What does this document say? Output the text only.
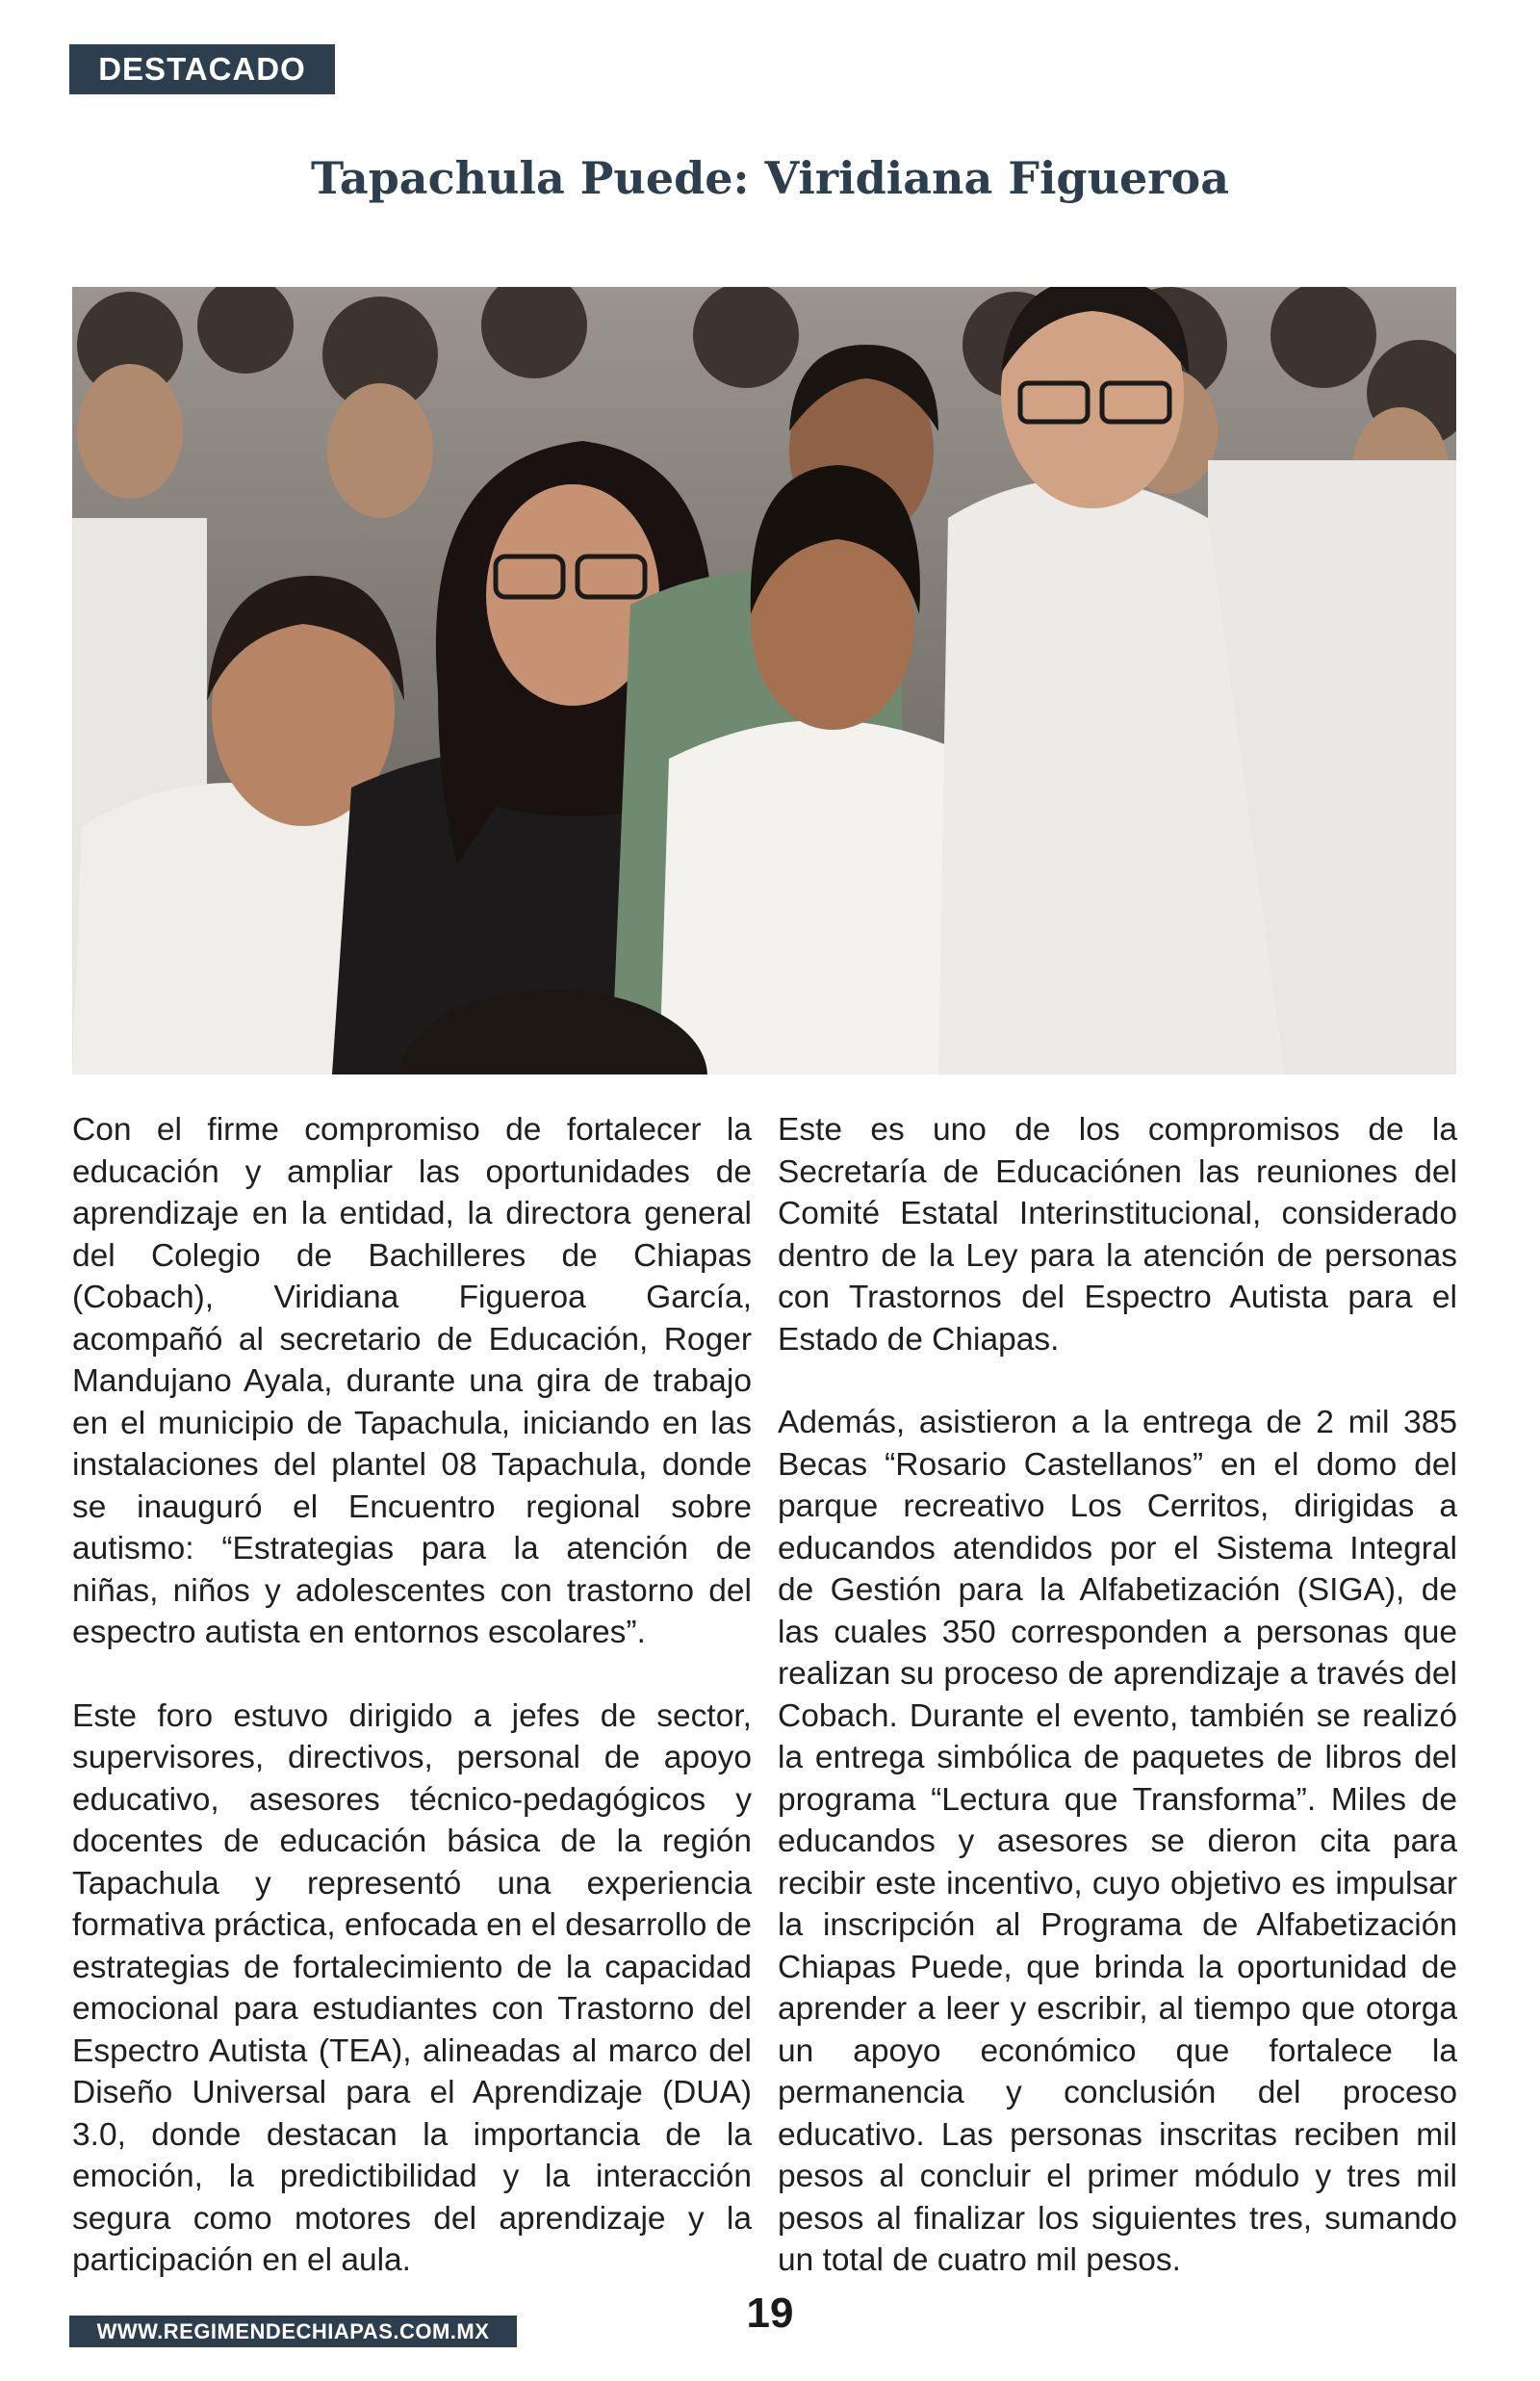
DESTACADO
Tapachula Puede: Viridiana Figueroa

Con el firme compromiso de fortalecer la educación y ampliar las oportunidades de aprendizaje en la entidad, la directora general del Colegio de Bachilleres de Chiapas (Cobach), Viridiana Figueroa García, acompañó al secretario de Educación, Roger Mandujano Ayala, durante una gira de trabajo en el municipio de Tapachula, iniciando en las instalaciones del plantel 08 Tapachula, donde se inauguró el Encuentro regional sobre autismo: “Estrategias para la atención de niñas, niños y adolescentes con trastorno del espectro autista en entornos escolares”.

Este foro estuvo dirigido a jefes de sector, supervisores, directivos, personal de apoyo educativo, asesores técnico-pedagógicos y docentes de educación básica de la región Tapachula y representó una experiencia formativa práctica, enfocada en el desarrollo de estrategias de fortalecimiento de la capacidad emocional para estudiantes con Trastorno del Espectro Autista (TEA), alineadas al marco del Diseño Universal para el Aprendizaje (DUA) 3.0, donde destacan la importancia de la emoción, la predictibilidad y la interacción segura como motores del aprendizaje y la participación en el aula.

Este es uno de los compromisos de la Secretaría de Educaciónen las reuniones del Comité Estatal Interinstitucional, considerado dentro de la Ley para la atención de personas con Trastornos del Espectro Autista para el Estado de Chiapas.

Además, asistieron a la entrega de 2 mil 385 Becas “Rosario Castellanos” en el domo del parque recreativo Los Cerritos, dirigidas a educandos atendidos por el Sistema Integral de Gestión para la Alfabetización (SIGA), de las cuales 350 corresponden a personas que realizan su proceso de aprendizaje a través del Cobach. Durante el evento, también se realizó la entrega simbólica de paquetes de libros del programa “Lectura que Transforma”. Miles de educandos y asesores se dieron cita para recibir este incentivo, cuyo objetivo es impulsar la inscripción al Programa de Alfabetización Chiapas Puede, que brinda la oportunidad de aprender a leer y escribir, al tiempo que otorga un apoyo económico que fortalece la permanencia y conclusión del proceso educativo. Las personas inscritas reciben mil pesos al concluir el primer módulo y tres mil pesos al finalizar los siguientes tres, sumando un total de cuatro mil pesos.

WWW.REGIMENDECHIAPAS.COM.MX	19
